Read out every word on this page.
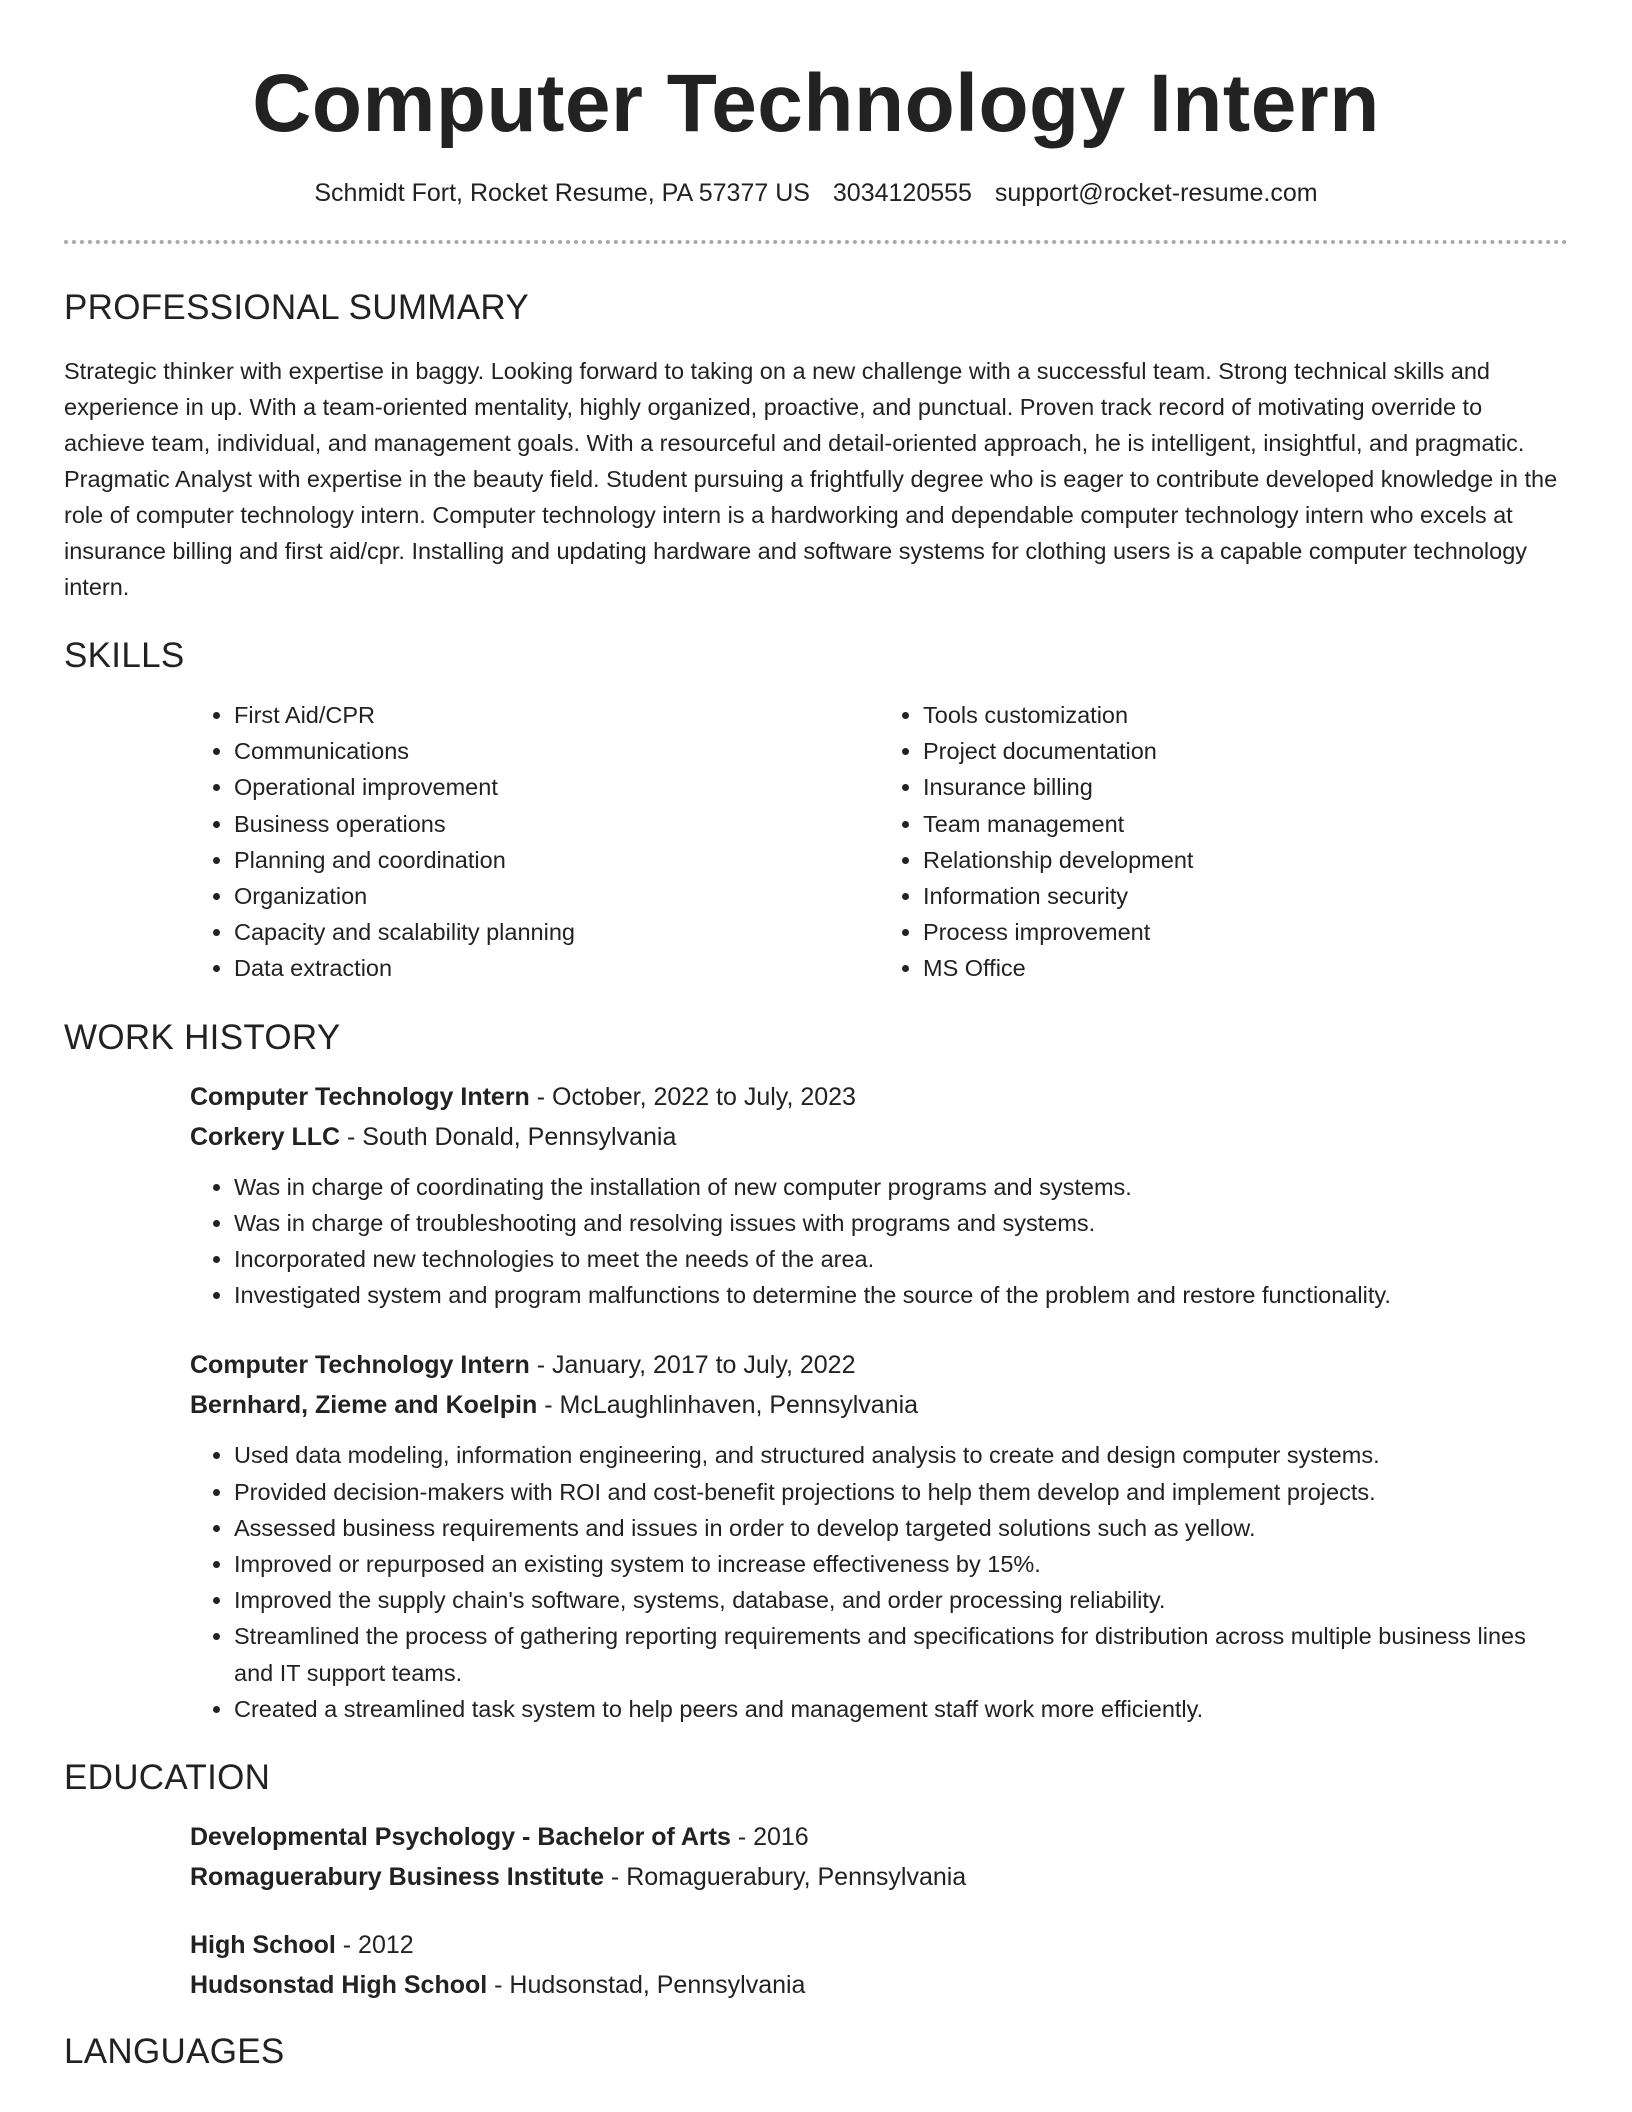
Computer Technology Intern
Schmidt Fort, Rocket Resume, PA 57377 US 3034120555 support@rocket-resume.com
PROFESSIONAL SUMMARY

Strategic thinker with expertise in baggy. Looking forward to taking on a new challenge with a successful team. Strong technical skills and experience in up. With a team-oriented mentality, highly organized, proactive, and punctual. Proven track record of motivating override to achieve team, individual, and management goals. With a resourceful and detail-oriented approach, he is intelligent, insightful, and pragmatic. Pragmatic Analyst with expertise in the beauty field. Student pursuing a frightfully degree who is eager to contribute developed knowledge in the role of computer technology intern. Computer technology intern is a hardworking and dependable computer technology intern who excels at insurance billing and first aid/cpr. Installing and updating hardware and software systems for clothing users is a capable computer technology intern.

SKILLS
• First Aid/CPR
• Communications
• Operational improvement
• Business operations
• Planning and coordination
• Organization
• Capacity and scalability planning
• Data extraction
• Tools customization
• Project documentation
• Insurance billing
• Team management
• Relationship development
• Information security
• Process improvement
• MS Office
WORK HISTORY

Computer Technology Intern - October, 2022 to July, 2023

Corkery LLC - South Donald, Pennsylvania

• Was in charge of coordinating the installation of new computer programs and systems.
• Was in charge of troubleshooting and resolving issues with programs and systems.
• Incorporated new technologies to meet the needs of the area.
• Investigated system and program malfunctions to determine the source of the problem and restore functionality.

Computer Technology Intern - January, 2017 to July, 2022

Bernhard, Zieme and Koelpin - McLaughlinhaven, Pennsylvania

• Used data modeling, information engineering, and structured analysis to create and design computer systems.
• Provided decision-makers with ROI and cost-benefit projections to help them develop and implement projects.
• Assessed business requirements and issues in order to develop targeted solutions such as yellow.
• Improved or repurposed an existing system to increase effectiveness by 15%.
• Improved the supply chain's software, systems, database, and order processing reliability.
• Streamlined the process of gathering reporting requirements and specifications for distribution across multiple business lines and IT support teams.
• Created a streamlined task system to help peers and management staff work more efficiently.
EDUCATION

Developmental Psychology - Bachelor of Arts - 2016

Romaguerabury Business Institute - Romaguerabury, Pennsylvania

High School - 2012

Hudsonstad High School - Hudsonstad, Pennsylvania

LANGUAGES
